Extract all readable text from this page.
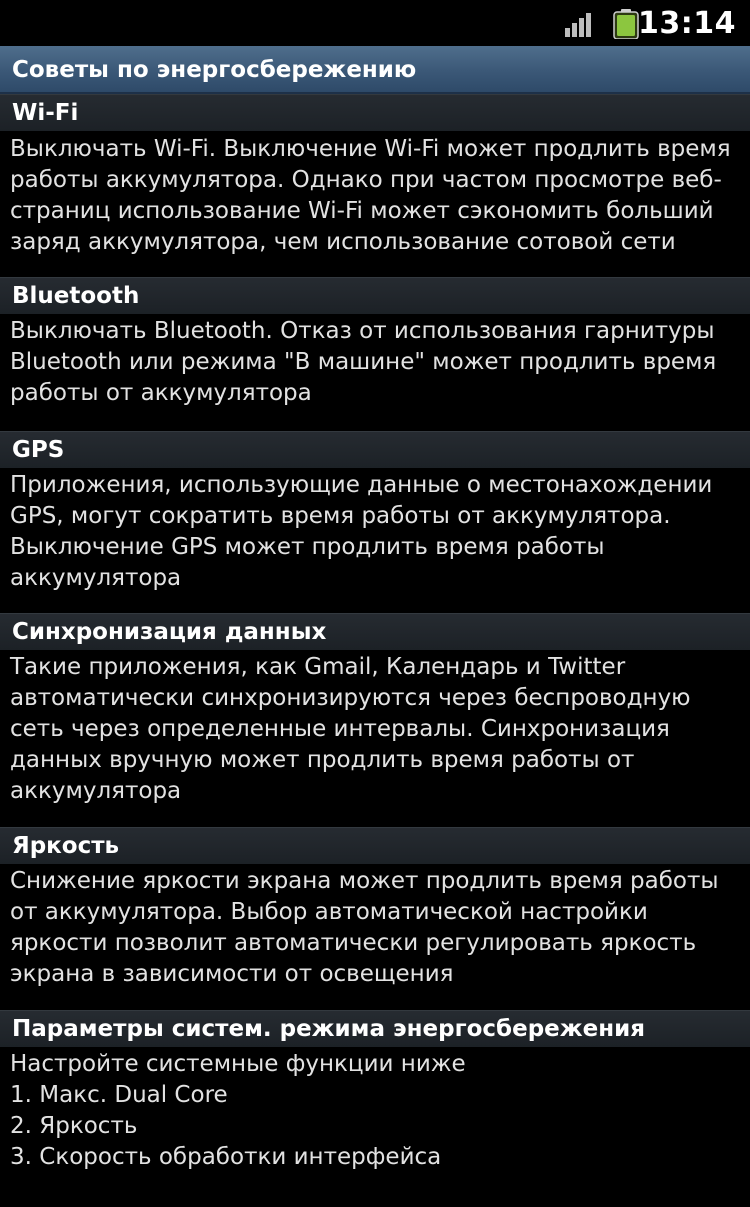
13:14
Советы по энергосбережению
Wi-Fi
Выключать Wi-Fi. Выключение Wi-Fi может продлить время
работы аккумулятора. Однако при частом просмотре веб-
страниц использование Wi-Fi может сэкономить больший
заряд аккумулятора, чем использование сотовой сети
Bluetooth
Выключать Bluetooth. Отказ от использования гарнитуры
Bluetooth или режима "В машине" может продлить время
работы от аккумулятора
GPS
Приложения, использующие данные о местонахождении
GPS, могут сократить время работы от аккумулятора.
Выключение GPS может продлить время работы
аккумулятора
Синхронизация данных
Такие приложения, как Gmail, Календарь и Twitter
автоматически синхронизируются через беспроводную
сеть через определенные интервалы. Синхронизация
данных вручную может продлить время работы от
аккумулятора
Яркость
Снижение яркости экрана может продлить время работы
от аккумулятора. Выбор автоматической настройки
яркости позволит автоматически регулировать яркость
экрана в зависимости от освещения
Параметры систем. режима энергосбережения
Настройте системные функции ниже
1. Макс. Dual Core
2. Яркость
3. Скорость обработки интерфейса
